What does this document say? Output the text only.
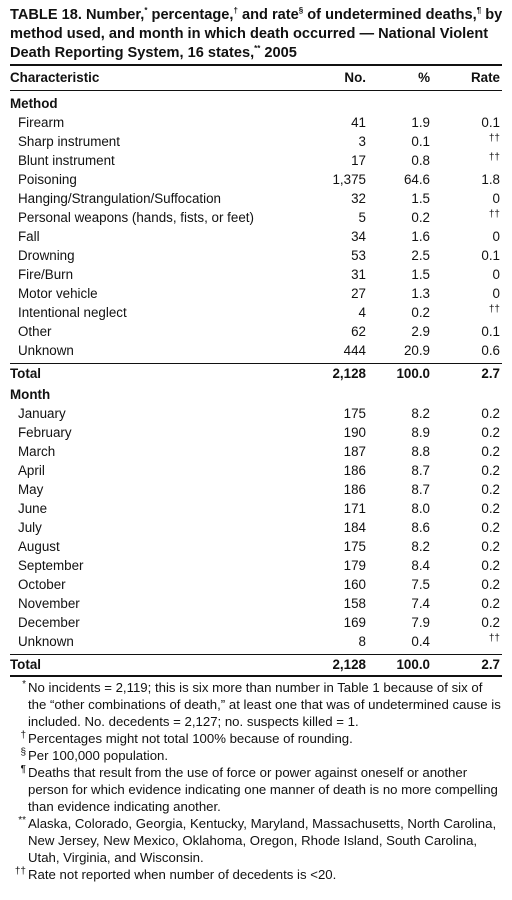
TABLE 18. Number,* percentage,† and rate§ of undetermined deaths,¶ by method used, and month in which death occurred — National Violent Death Reporting System, 16 states,** 2005
Characteristic	No.	%	Rate
Method
Firearm	41	1.9	0.1
Sharp instrument	3	0.1	††
Blunt instrument	17	0.8	††
Poisoning	1,375	64.6	1.8
Hanging/Strangulation/Suffocation	32	1.5	0
Personal weapons (hands, fists, or feet)	5	0.2	††
Fall	34	1.6	0
Drowning	53	2.5	0.1
Fire/Burn	31	1.5	0
Motor vehicle	27	1.3	0
Intentional neglect	4	0.2	††
Other	62	2.9	0.1
Unknown	444	20.9	0.6
Total	2,128 100.0	2.7
Month
January	175	8.2	0.2
February	190	8.9	0.2
March	187	8.8	0.2
April	186	8.7	0.2
May	186	8.7	0.2
June	171	8.0	0.2
July	184	8.6	0.2
August	175	8.2	0.2
September	179	8.4	0.2
October	160	7.5	0.2
November	158	7.4	0.2
December	169	7.9	0.2
Unknown	8	0.4	††
Total	2,128 100.0	2.7
* No incidents = 2,119; this is six more than number in Table 1 because of six of the “other combinations of death,” at least one that was of undetermined cause is included. No. decedents = 2,127; no. suspects killed = 1.
† Percentages might not total 100% because of rounding.
§ Per 100,000 population.
¶ Deaths that result from the use of force or power against oneself or another person for which evidence indicating one manner of death is no more compelling than evidence indicating another.
** Alaska, Colorado, Georgia, Kentucky, Maryland, Massachusetts, North Carolina, New Jersey, New Mexico, Oklahoma, Oregon, Rhode Island, South Carolina, Utah, Virginia, and Wisconsin.
†† Rate not reported when number of decedents is <20.
